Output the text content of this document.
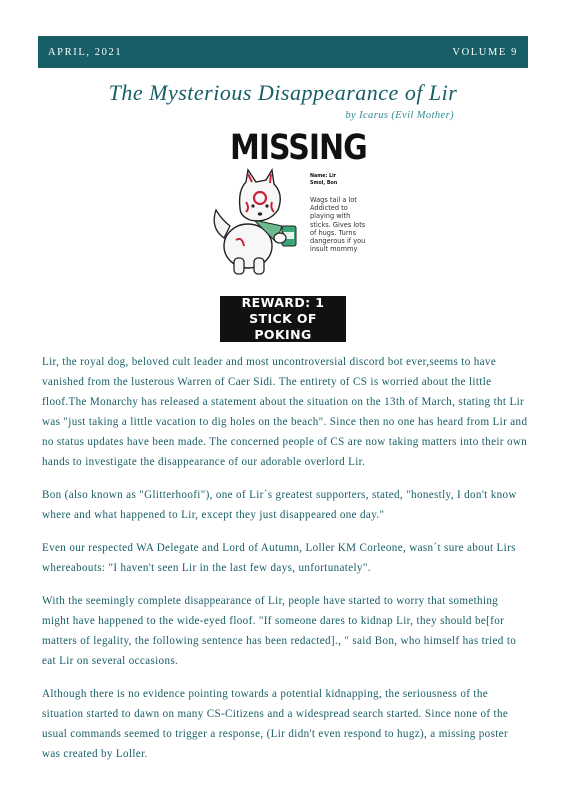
APRIL, 2021	VOLUME 9
The Mysterious Disappearance of Lir
by Icarus (Evil Mother)
MISSING
Name: Lir
Smol, Bon
Wags tail a lot Addicted to playing with sticks. Gives lots of hugs. Turns dangerous if you insult mommy
REWARD: 1 STICK OF POKING

Lir, the royal dog, beloved cult leader and most uncontroversial discord bot ever,seems to have vanished from the lusterous Warren of Caer Sidi. The entirety of CS is worried about the little floof.The Monarchy has released a statement about the situation on the 13th of March, stating tht Lir was "just taking a little vacation to dig holes on the beach". Since then no one has heard from Lir and no status updates have been made. The concerned people of CS are now taking matters into their own hands to investigate the disappearance of our adorable overlord Lir.

Bon (also known as "Glitterhoofi"), one of Lir´s greatest supporters, stated, "honestly, I don't know where and what happened to Lir, except they just disappeared one day."

Even our respected WA Delegate and Lord of Autumn, Loller KM Corleone, wasn´t sure about Lirs whereabouts: "I haven't seen Lir in the last few days, unfortunately".

With the seemingly complete disappearance of Lir, people have started to worry that something might have happened to the wide-eyed floof. "If someone dares to kidnap Lir, they should be[for matters of legality, the following sentence has been redacted]., " said Bon, who himself has tried to eat Lir on several occasions.

Although there is no evidence pointing towards a potential kidnapping, the seriousness of the situation started to dawn on many CS-Citizens and a widespread search started. Since none of the usual commands seemed to trigger a response, (Lir didn't even respond to hugz), a missing poster was created by Loller.
